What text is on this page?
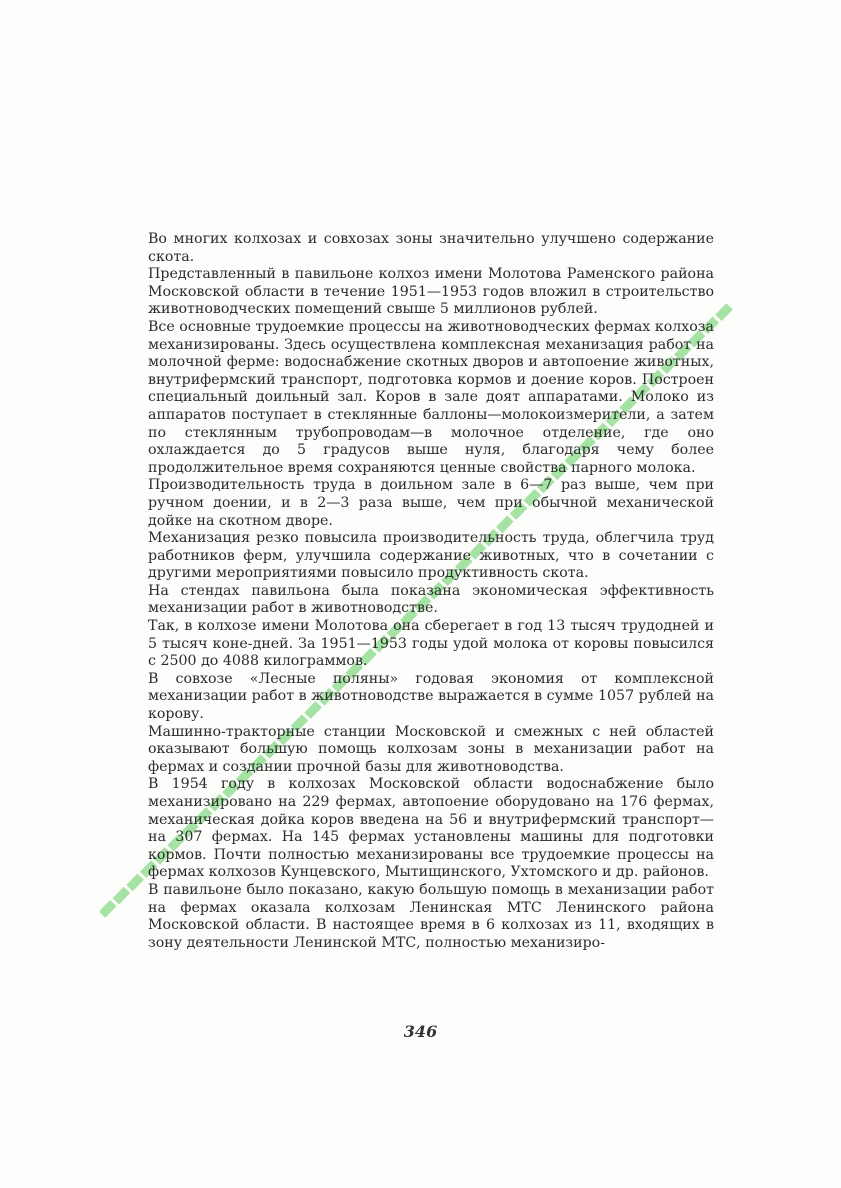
Во многих колхозах и совхозах зоны значительно улучшено содержание скота.

Представленный в павильоне колхоз имени Молотова Раменского района Московской области в течение 1951—1953 годов вложил в строительство животноводческих помещений свыше 5 миллионов рублей.

Все основные трудоемкие процессы на животноводческих фермах колхоза механизированы. Здесь осуществлена комплексная механизация работ на молочной ферме: водоснабжение скотных дворов и автопоение животных, внутрифермский транспорт, подготовка кормов и доение коров. Построен специальный доильный зал. Коров в зале доят аппаратами. Молоко из аппаратов поступает в стеклянные баллоны—молокоизмерители, а затем по стеклянным трубопроводам—в молочное отделение, где оно охлаждается до 5 градусов выше нуля, благодаря чему более продолжительное время сохраняются ценные свойства парного молока.

Производительность труда в доильном зале в 6—7 раз выше, чем при ручном доении, и в 2—3 раза выше, чем при обычной механической дойке на скотном дворе.

Механизация резко повысила производительность труда, облегчила труд работников ферм, улучшила содержание животных, что в сочетании с другими мероприятиями повысило продуктивность скота.

На стендах павильона была показана экономическая эффективность механизации работ в животноводстве.

Так, в колхозе имени Молотова она сберегает в год 13 тысяч трудодней и 5 тысяч коне-дней. За 1951—1953 годы удой молока от коровы повысился с 2500 до 4088 килограммов.

В совхозе «Лесные поляны» годовая экономия от комплексной механизации работ в животноводстве выражается в сумме 1057 рублей на корову.

Машинно-тракторные станции Московской и смежных с ней областей оказывают большую помощь колхозам зоны в механизации работ на фермах и создании прочной базы для животноводства.

В 1954 году в колхозах Московской области водоснабжение было механизировано на 229 фермах, автопоение оборудовано на 176 фермах, механическая дойка коров введена на 56 и внутрифермский транспорт—на 307 фермах. На 145 фермах установлены машины для подготовки кормов. Почти полностью механизированы все трудоемкие процессы на фермах колхозов Кунцевского, Мытищинского, Ухтомского и др. районов.

В павильоне было показано, какую большую помощь в механизации работ на фермах оказала колхозам Ленинская МТС Ленинского района Московской области. В настоящее время в 6 колхозах из 11, входящих в зону деятельности Ленинской МТС, полностью механизиро-

346
